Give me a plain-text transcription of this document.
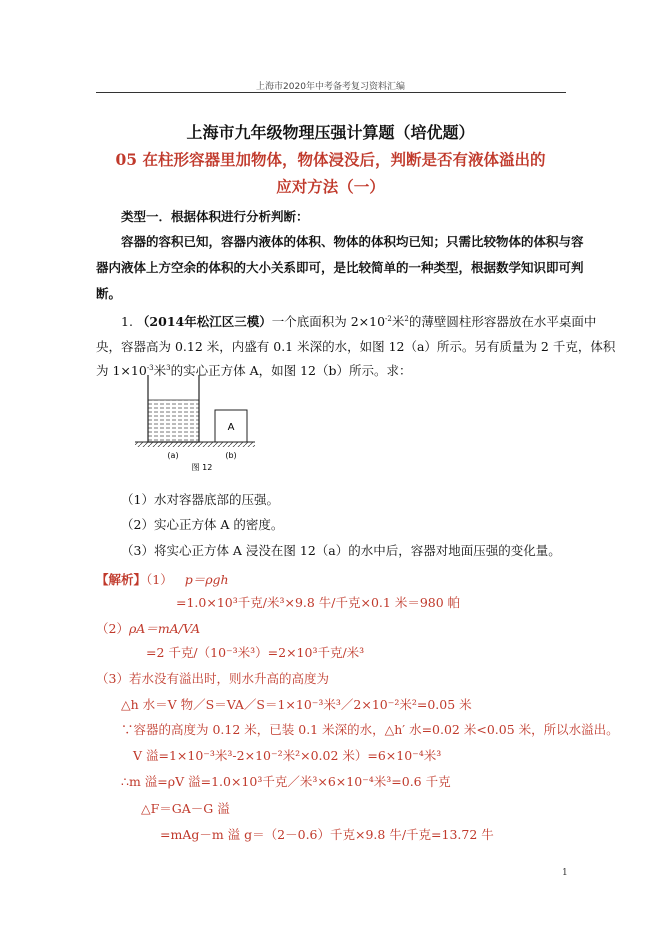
上海市2020年中考备考复习资料汇编
上海市九年级物理压强计算题（培优题）
05 在柱形容器里加物体，物体浸没后，判断是否有液体溢出的
应对方法（一）
类型一．根据体积进行分析判断：
容器的容积已知，容器内液体的体积、物体的体积均已知；只需比较物体的体积与容
器内液体上方空余的体积的大小关系即可，是比较简单的一种类型，根据数学知识即可判
断。
1. （2014年松江区三模）一个底面积为 $2\times 10^{-2}$米$^2$的薄壁圆柱形容器放在水平桌面中
央，容器高为 0.12 米，内盛有 0.1 米深的水，如图 12（a）所示。另有质量为 2 千克，体积
为 $1\times 10^{-3}$米$^3$的实心正方体 A，如图 12（b）所示。求：
A
(a)	(b)
图 12
（1）水对容器底部的压强。
（2）实心正方体 A 的密度。
（3）将实心正方体 A 浸没在图 12（a）的水中后，容器对地面压强的变化量。
【解析】（1） p＝ρgh
=1.0×10³千克/米³×9.8 牛/千克×0.1 米＝980 帕
（2）ρA＝mA/VA
=2 千克/（10⁻³米³）=2×10³千克/米³
（3）若水没有溢出时，则水升高的高度为
△h 水＝V 物／S＝VA／S＝1×10⁻³米³／2×10⁻²米²=0.05 米
∵容器的高度为 0.12 米，已装 0.1 米深的水，△h′ 水=0.02 米<0.05 米，所以水溢出。
V 溢=1×10⁻³米³-2×10⁻²米²×0.02 米）=6×10⁻⁴米³
∴m 溢=ρV 溢=1.0×10³千克／米³×6×10⁻⁴米³=0.6 千克
△F＝GA－G 溢
=mAg－m 溢 g＝（2－0.6）千克×9.8 牛/千克=13.72 牛
1
